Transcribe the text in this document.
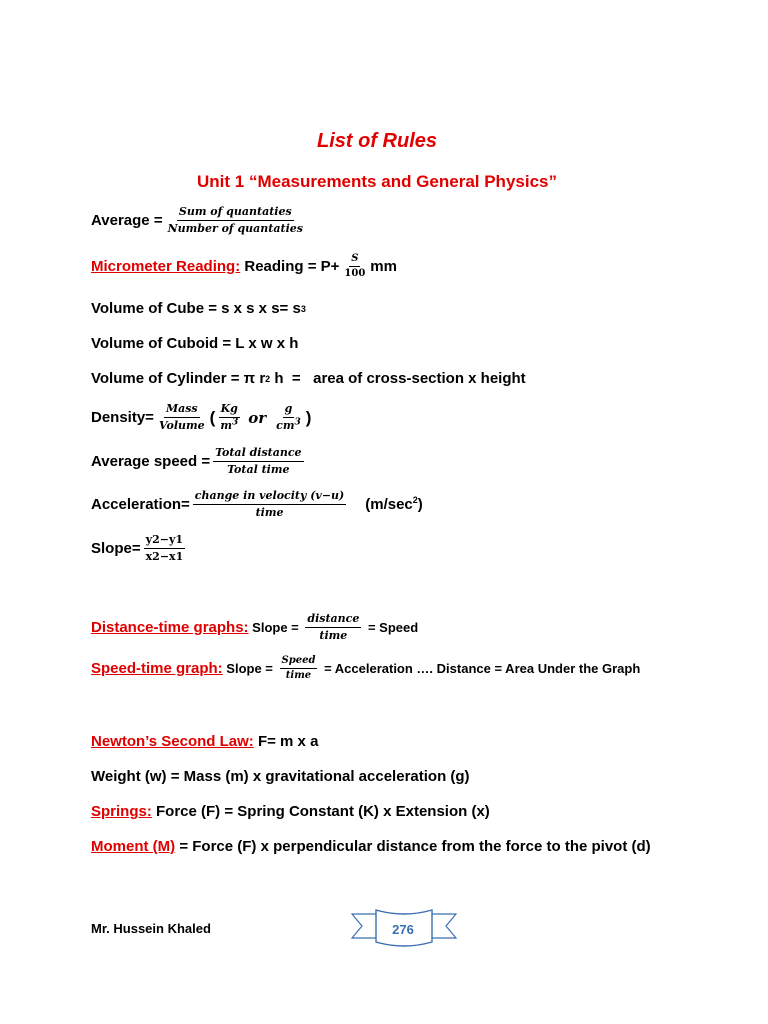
List of Rules
Unit 1 “Measurements and General Physics”
Average = $\frac{\text{Sum of quantaties}}{\text{Number of quantaties}}$
Micrometer Reading:
Reading = $P+ \frac{S}{100}$ mm
Volume of Cube = s x s x s= s 3
Volume of Cuboid = L x w x h
Volume of Cylinder = π r 2 h  =   area of cross-section x height
Density= $\frac{\text{Mass}}{\text{Volume}}$ ( $\frac{Kg}{m^3}$ or $\frac{g}{cm^3}$ )
Average speed = $\frac{\text{Total distance}}{\text{Total time}}$
Acceleration= $\frac{\text{change in velocity (v−u)}}{\text{time}} (m/\sec^2)$
Slope= $\frac{y2-y1}{x2-x1}$
Distance-time graphs: Slope = $\frac{\text{distance}}{\text{time}}$ = Speed
Speed-time graph: Slope = $\frac{\text{Speed}}{\text{time}}$ = Acceleration …. Distance = Area Under the Graph
Newton’s Second Law: F= m x a
Weight (w) = Mass (m) x gravitational acceleration (g)
Springs: Force (F) = Spring Constant (K) x Extension (x)
Moment (M) = Force (F) x perpendicular distance from the force to the pivot (d)
Mr. Hussein Khaled	276
